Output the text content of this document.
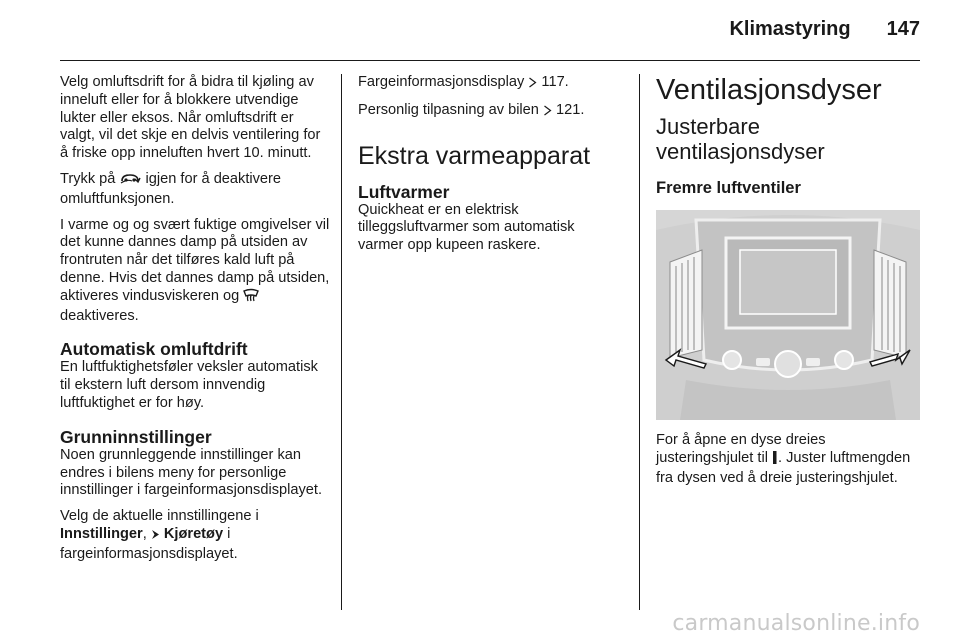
Klimastyring 147

Velg omluftsdrift for å bidra til kjøling av inneluft eller for å blokkere utvendige lukter eller eksos. Når omluftsdrift er valgt, vil det skje en delvis ventilering for å friske opp inneluften hvert 10. minutt.

Trykk på igjen for å deaktivere omluftfunksjonen.

I varme og og svært fuktige omgivelser vil det kunne dannes damp på utsiden av frontruten når det tilføres kald luft på denne. Hvis det dannes damp på utsiden, aktiveres vindusviskeren og  deaktiveres.

Automatisk omluftdrift

En luftfuktighetsføler veksler automatisk til ekstern luft dersom innvendig luftfuktighet er for høy.

Grunninnstillinger

Noen grunnleggende innstillinger kan endres i bilens meny for personlige innstillinger i fargeinformasjonsdisplayet.

Velg de aktuelle innstillingene i Innstillinger,  Kjøretøy i fargeinformasjonsdisplayet.

Fargeinformasjonsdisplay 117.

Personlig tilpasning av bilen 121.

Ekstra varmeapparat
Luftvarmer

Quickheat er en elektrisk tilleggsluftvarmer som automatisk varmer opp kupeen raskere.

Ventilasjonsdyser
Justerbare ventilasjonsdyser
Fremre luftventiler

For å åpne en dyse dreies justeringshjulet til . Juster luftmengden fra dysen ved å dreie justeringshjulet.

carmanualsonline.info
